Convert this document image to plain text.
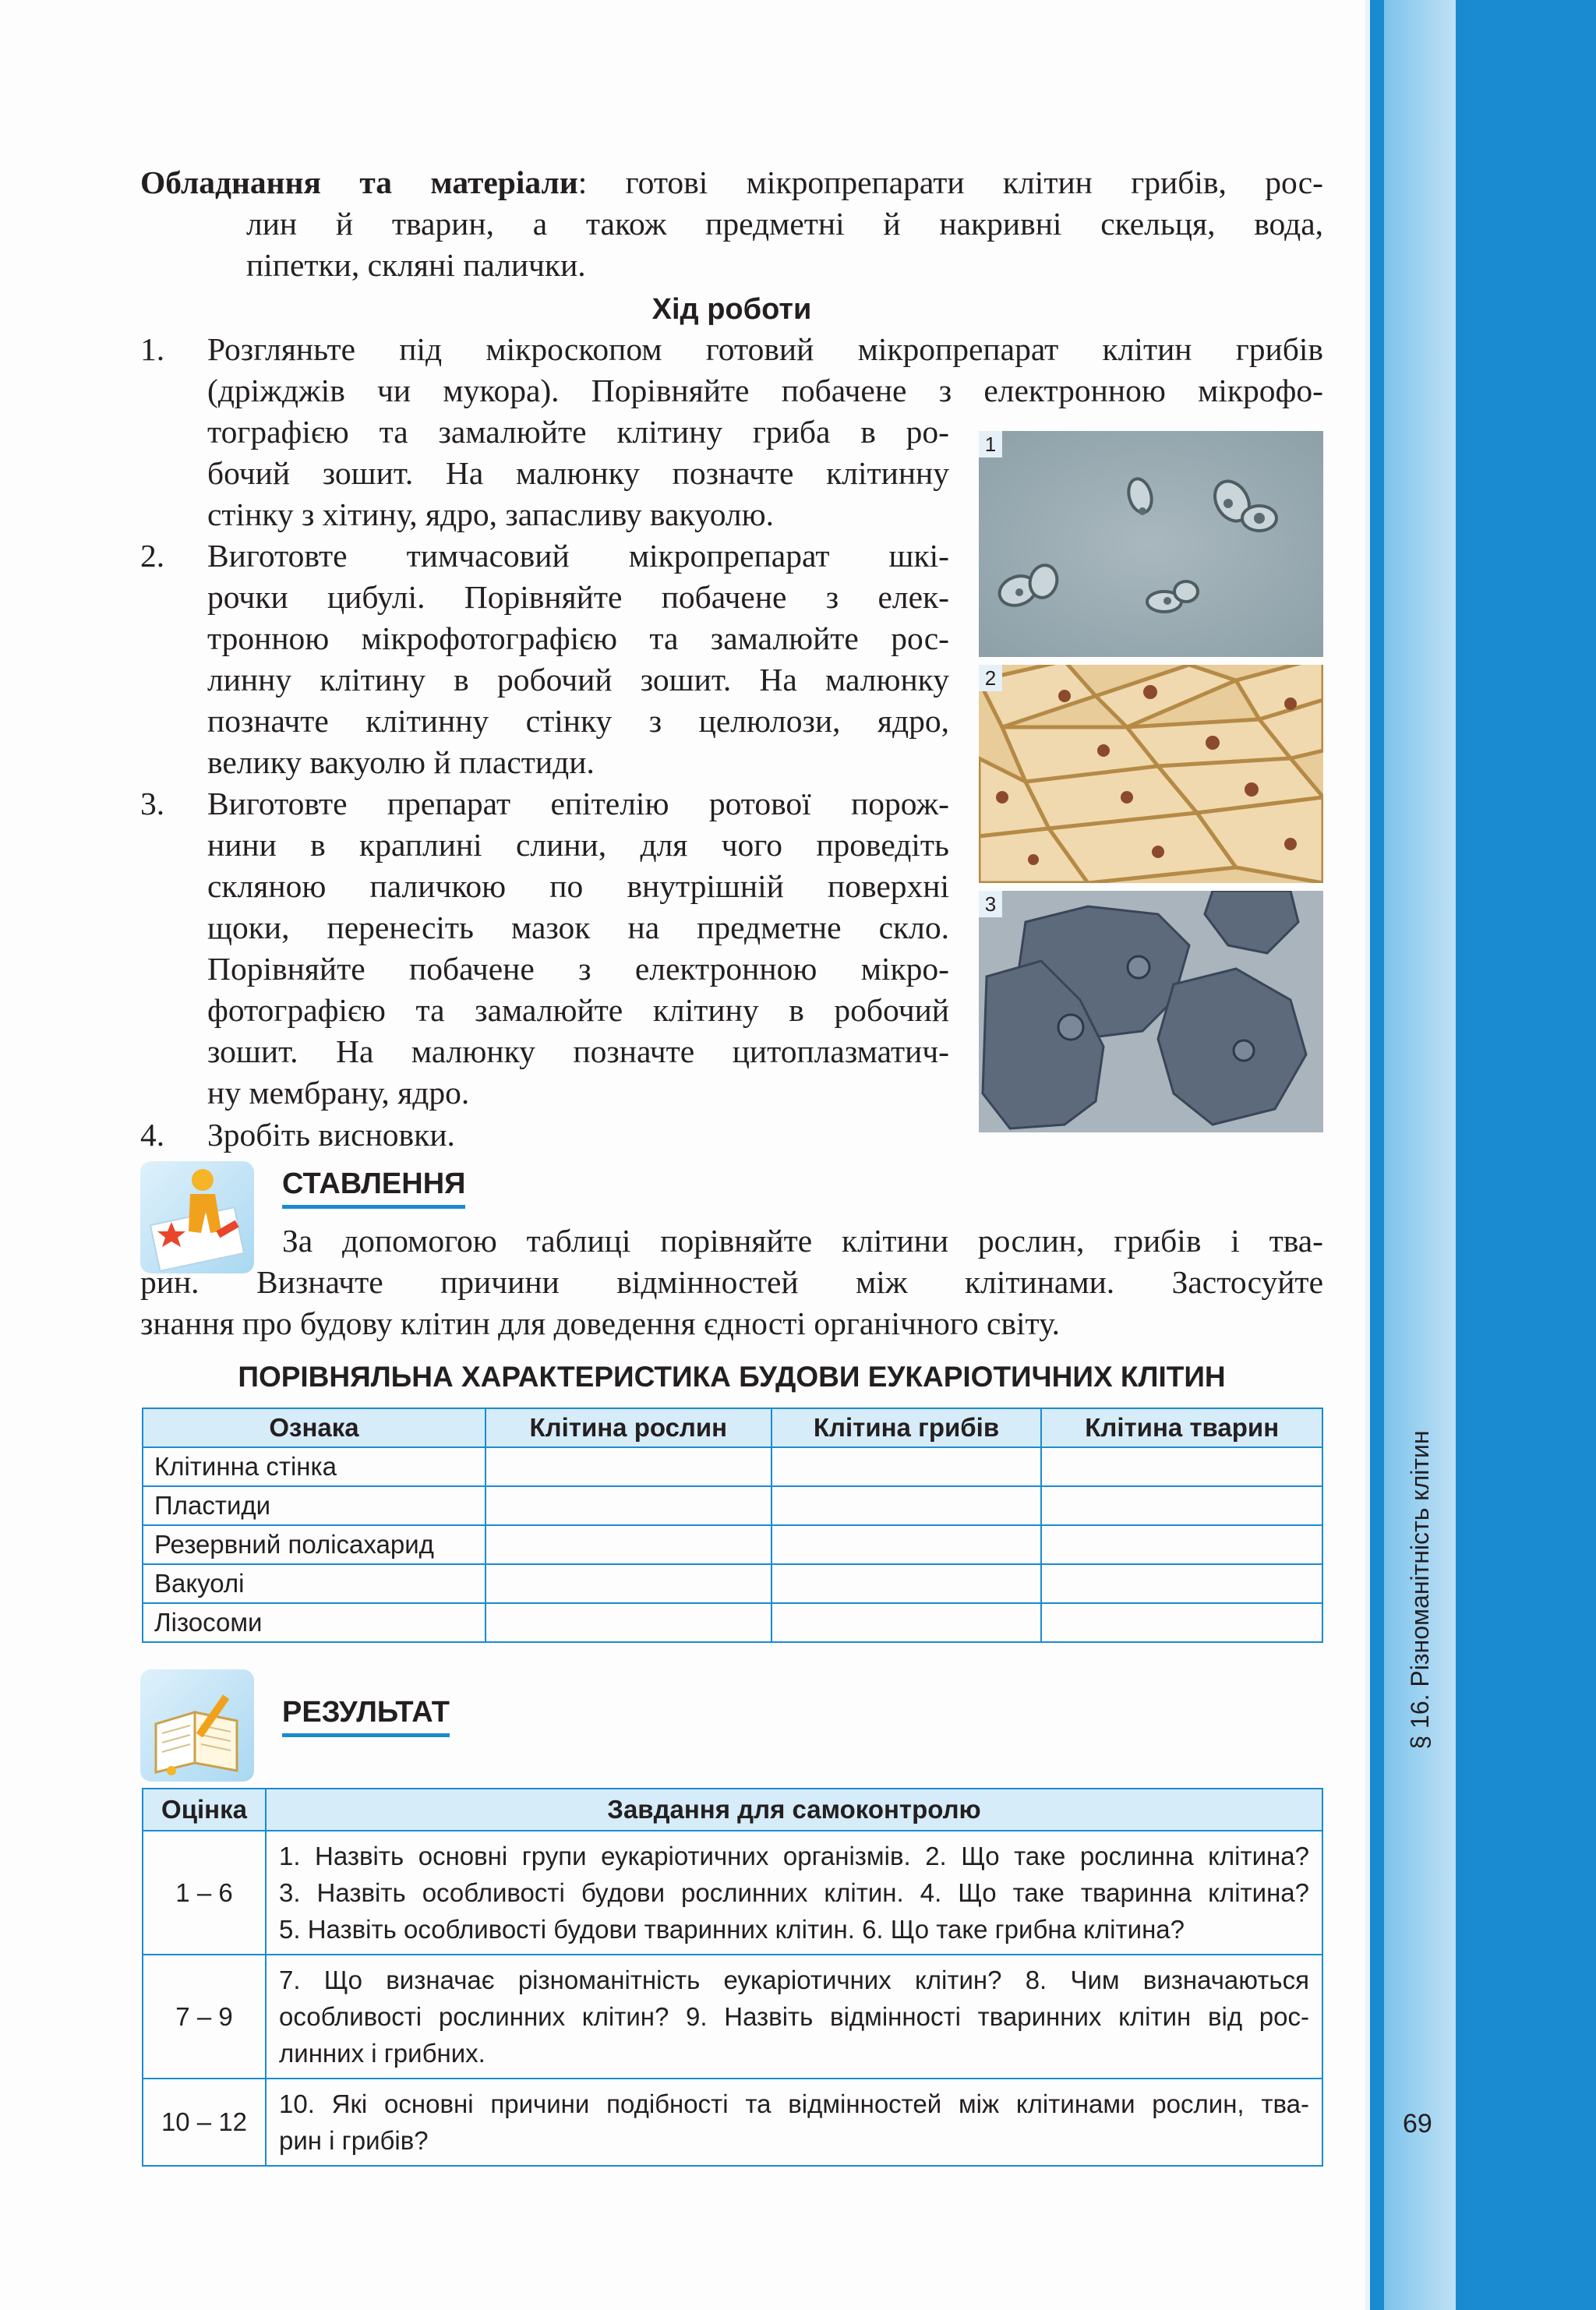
§ 16. Різноманітність клітин
69
Обладнання та матеріали: готові мікропрепарати клітин грибів, рос-
лин й тварин, а також предметні й накривні скельця, вода,
піпетки, скляні палички.
Хід роботи
1. Розгляньте під мікроскопом готовий мікропрепарат клітин грибів
(дріжджів чи мукора). Порівняйте побачене з електронною мікрофо-
тографією та замалюйте клітину гриба в ро-
бочий зошит. На малюнку позначте клітинну
стінку з хітину, ядро, запасливу вакуолю.
2. Виготовте тимчасовий мікропрепарат шкі-
рочки цибулі. Порівняйте побачене з елек-
тронною мікрофотографією та замалюйте рос-
линну клітину в робочий зошит. На малюнку
позначте клітинну стінку з целюлози, ядро,
велику вакуолю й пластиди.
3. Виготовте препарат епітелію ротової порож-
нини в краплині слини, для чого проведіть
скляною паличкою по внутрішній поверхні
щоки, перенесіть мазок на предметне скло.
Порівняйте побачене з електронною мікро-
фотографією та замалюйте клітину в робочий
зошит. На малюнку позначте цитоплазматич-
ну мембрану, ядро.
4. Зробіть висновки.
1
2
3
СТАВЛЕННЯ
За допомогою таблиці порівняйте клітини рослин, грибів і тва-
рин. Визначте причини відмінностей між клітинами. Застосуйте
знання про будову клітин для доведення єдності органічного світу.
ПОРІВНЯЛЬНА ХАРАКТЕРИСТИКА БУДОВИ ЕУКАРІОТИЧНИХ КЛІТИН
Ознака	Клітина рослин	Клітина грибів	Клітина тварин
Клітинна стінка			
Пластиди			
Резервний полісахарид			
Вакуолі			
Лізосоми			
РЕЗУЛЬТАТ
Оцінка	Завдання для самоконтролю
1 – 6	1. Назвіть основні групи еукаріотичних організмів. 2. Що таке рослинна клітина?
3. Назвіть особливості будови рослинних клітин. 4. Що таке тваринна клітина?
5. Назвіть особливості будови тваринних клітин. 6. Що таке грибна клітина?

7 – 9	7. Що визначає різноманітність еукаріотичних клітин? 8. Чим визначаються
особливості рослинних клітин? 9. Назвіть відмінності тваринних клітин від рос-
линних і грибних.

10 – 12	10. Які основні причини подібності та відмінностей між клітинами рослин, тва-
рин і грибів?
